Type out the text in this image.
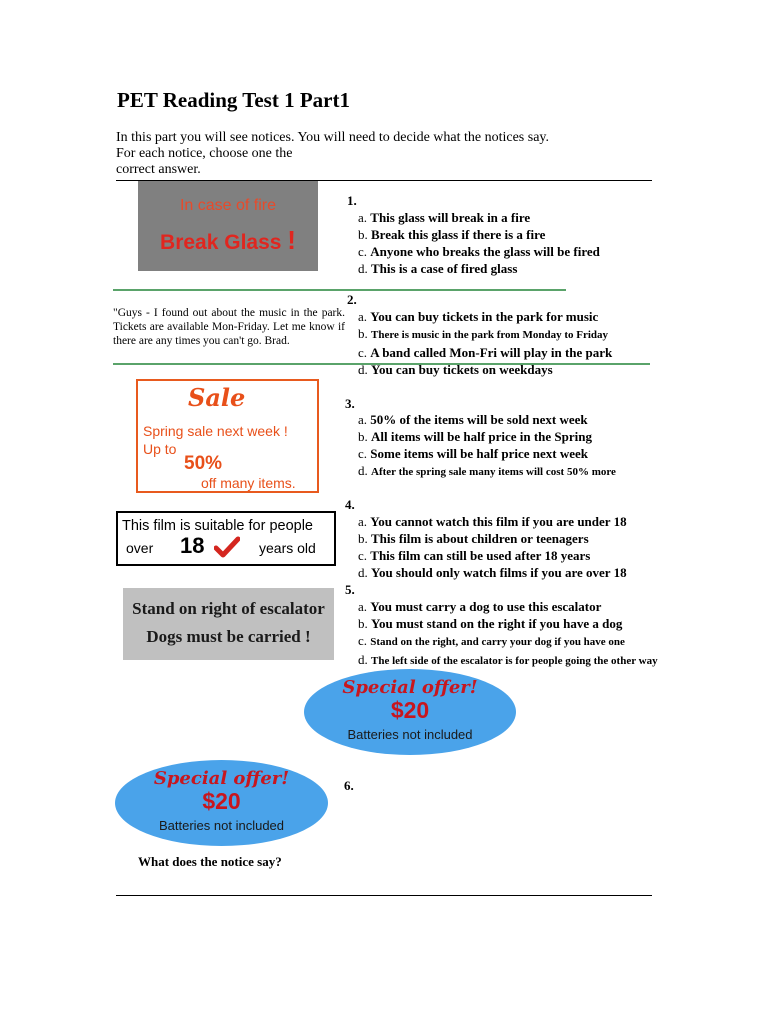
PET Reading Test 1 Part1
In this part you will see notices. You will need to decide what the notices say.
For each notice, choose one the
correct answer.
In case of fire
Break Glass !
1.
a. This glass will break in a fire
b. Break this glass if there is a fire
c. Anyone who breaks the glass will be fired
d. This is a case of fired glass
"Guys - I found out about the music in the park. Tickets are available Mon-Friday. Let me know if there are any times you can't go. Brad.
2.
a. You can buy tickets in the park for music
b. There is music in the park from Monday to Friday
c. A band called Mon-Fri will play in the park
d. You can buy tickets on weekdays
Sale
Spring sale next week !
Up to
50%
off many items.
3.
a. 50% of the items will be sold next week
b. All items will be half price in the Spring
c. Some items will be half price next week
d. After the spring sale many items will cost 50% more
This film is suitable for people
over 18	years old
4.
a. You cannot watch this film if you are under 18
b. This film is about children or teenagers
c. This film can still be used after 18 years
d. You should only watch films if you are over 18
Stand on right of escalator
Dogs must be carried !
5.
a. You must carry a dog to use this escalator
b. You must stand on the right if you have a dog
c. Stand on the right, and carry your dog if you have one
d. The left side of the escalator is for people going the other way
Special offer!
$20
Batteries not included
Special offer!
$20
Batteries not included
6.
What does the notice say?
